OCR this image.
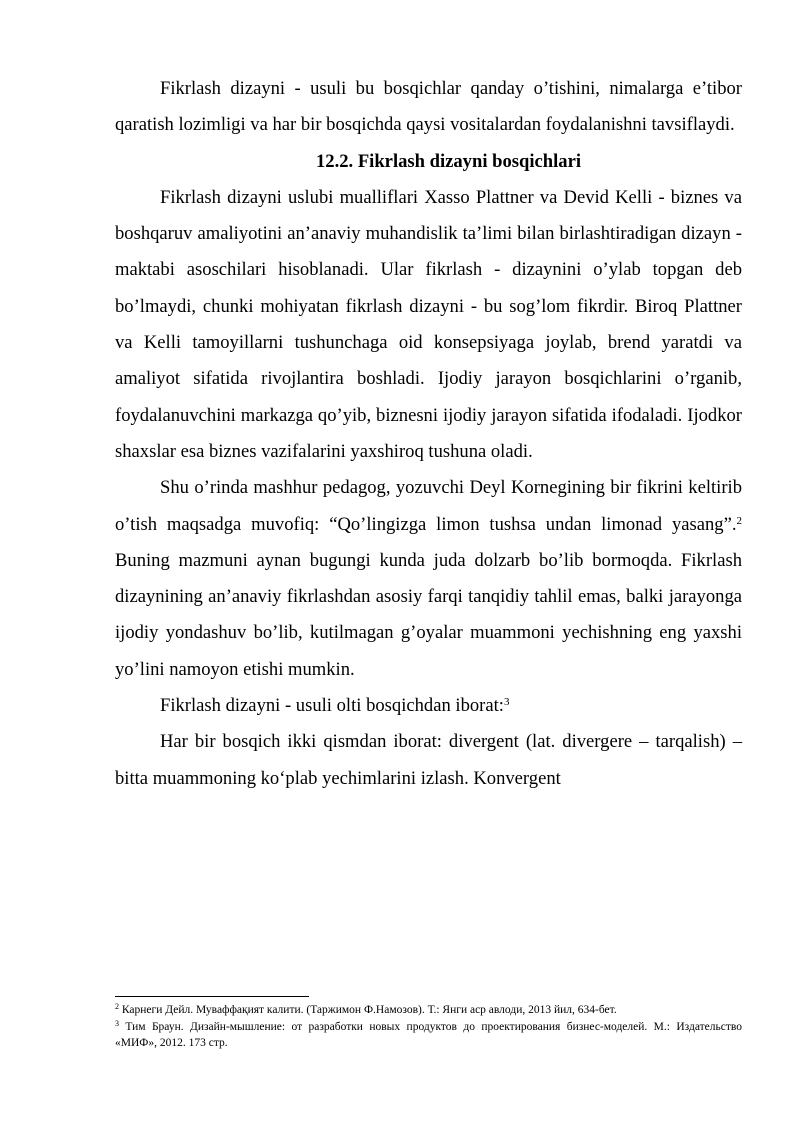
Fikrlash dizayni - usuli bu bosqichlar qanday o’tishini, nimalarga e’tibor qaratish lozimligi va har bir bosqichda qaysi vositalardan foydalanishni tavsiflaydi.

12.2. Fikrlash dizayni bosqichlari

Fikrlash dizayni uslubi mualliflari Xasso Plattner va Devid Kelli - biznes va boshqaruv amaliyotini an’anaviy muhandislik ta’limi bilan birlashtiradigan dizayn - maktabi asoschilari hisoblanadi. Ular fikrlash - dizaynini o’ylab topgan deb bo’lmaydi, chunki mohiyatan fikrlash dizayni - bu sog’lom fikrdir. Biroq Plattner va Kelli tamoyillarni tushunchaga oid konsepsiyaga joylab, brend yaratdi va amaliyot sifatida rivojlantira boshladi. Ijodiy jarayon bosqichlarini o’rganib, foydalanuvchini markazga qo’yib, biznesni ijodiy jarayon sifatida ifodaladi. Ijodkor shaxslar esa biznes vazifalarini yaxshiroq tushuna oladi.

Shu o’rinda mashhur pedagog, yozuvchi Deyl Kornegining bir fikrini keltirib o’tish maqsadga muvofiq: “Qo’lingizga limon tushsa undan limonad yasang”.$^2$ Buning mazmuni aynan bugungi kunda juda dolzarb bo’lib bormoqda. Fikrlash dizaynining an’anaviy fikrlashdan asosiy farqi tanqidiy tahlil emas, balki jarayonga ijodiy yondashuv bo’lib, kutilmagan g’oyalar muammoni yechishning eng yaxshi yo’lini namoyon etishi mumkin.

Fikrlash dizayni - usuli olti bosqichdan iborat:$^3$

Har bir bosqich ikki qismdan iborat: divergent (lat. divergere – tarqalish) – bitta muammoning ko‘plab yechimlarini izlash. Konvergent

$^2$ Карнеги Дейл. Муваффақият калити. (Таржимон Ф.Намозов). Т.: Янги аср авлоди, 2013 йил, 634-бет.

$^3$ Тим Браун. Дизайн-мышление: от разработки новых продуктов до проектирования бизнес-моделей. М.: Издательство «МИФ», 2012. 173 стр.
